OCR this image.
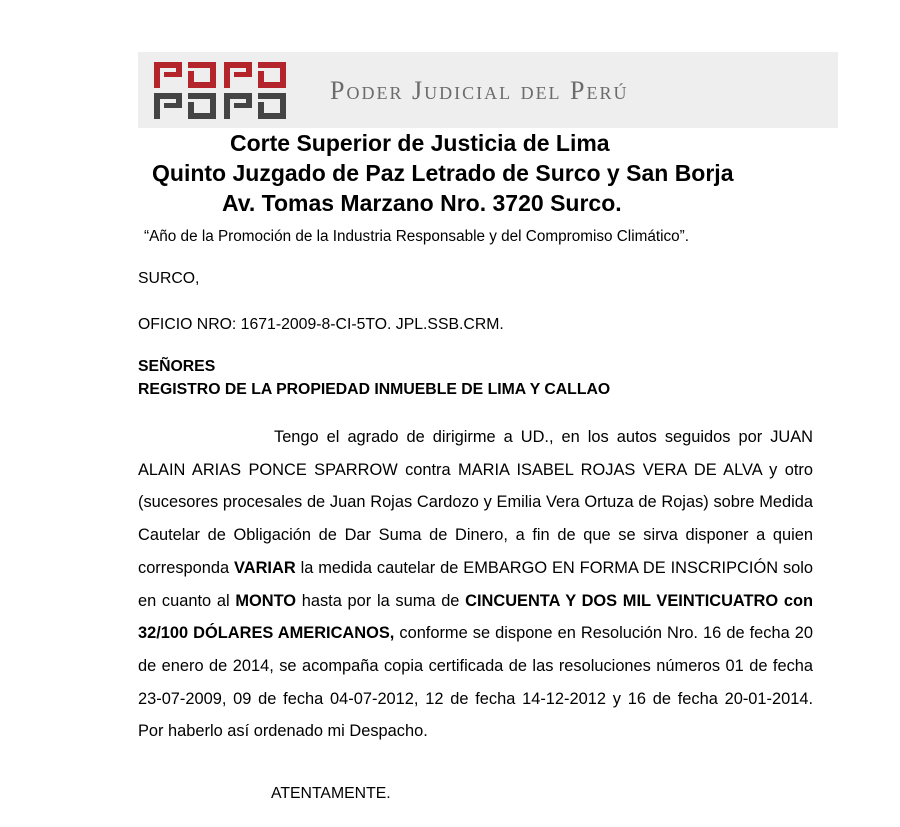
Poder Judicial del Perú
Corte Superior de Justicia de Lima
Quinto Juzgado de Paz Letrado de Surco y San Borja
Av. Tomas Marzano Nro. 3720 Surco.
“Año de la Promoción de la Industria Responsable y del Compromiso Climático”.
SURCO,
OFICIO NRO: 1671-2009-8-CI-5TO. JPL.SSB.CRM.
SEÑORES
REGISTRO DE LA PROPIEDAD INMUEBLE DE LIMA Y CALLAO
Tengo el agrado de dirigirme a UD., en los autos seguidos por JUAN ALAIN ARIAS PONCE SPARROW contra MARIA ISABEL ROJAS VERA DE ALVA y otro (sucesores procesales de Juan Rojas Cardozo y Emilia Vera Ortuza de Rojas) sobre Medida Cautelar de Obligación de Dar Suma de Dinero, a fin de que se sirva disponer a quien corresponda VARIAR la medida cautelar de EMBARGO EN FORMA DE INSCRIPCIÓN solo en cuanto al MONTO hasta por la suma de CINCUENTA Y DOS MIL VEINTICUATRO con 32/100 DÓLARES AMERICANOS, conforme se dispone en Resolución Nro. 16 de fecha 20 de enero de 2014, se acompaña copia certificada de las resoluciones números 01 de fecha 23-07-2009, 09 de fecha 04-07-2012, 12 de fecha 14-12-2012 y 16 de fecha 20-01-2014. Por haberlo así ordenado mi Despacho.
ATENTAMENTE.
